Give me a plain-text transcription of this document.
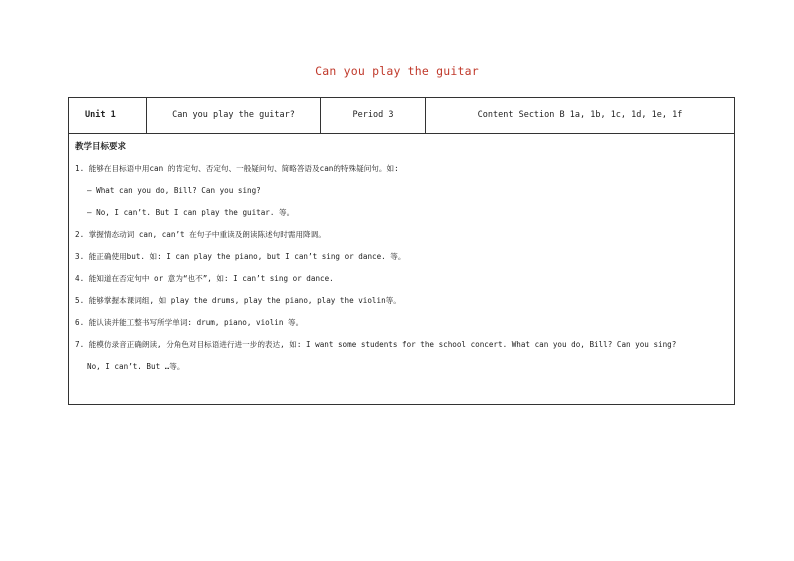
Can you play the guitar
Unit 1	Can you play the guitar?	Period 3	Content Section B 1a, 1b, 1c, 1d, 1e, 1f
教学目标要求
1. 能够在目标语中用can 的肯定句、否定句、一般疑问句、简略答语及can的特殊疑问句。如:
— What can you do, Bill? Can you sing?
— No, I can’t. But I can play the guitar. 等。
2. 掌握情态动词 can, can’t 在句子中重读及朗读陈述句时需用降调。
3. 能正确使用but. 如: I can play the piano, but I can’t sing or dance. 等。
4. 能知道在否定句中 or 意为“也不”, 如: I can’t sing or dance.
5. 能够掌握本课词组, 如 play the drums, play the piano, play the violin等。
6. 能认读并能工整书写所学单词: drum, piano, violin 等。
7. 能模仿录音正确朗读, 分角色对目标语进行进一步的表达, 如: I want some students for the school concert. What can you do, Bill? Can you sing?
No, I can’t. But …等。
